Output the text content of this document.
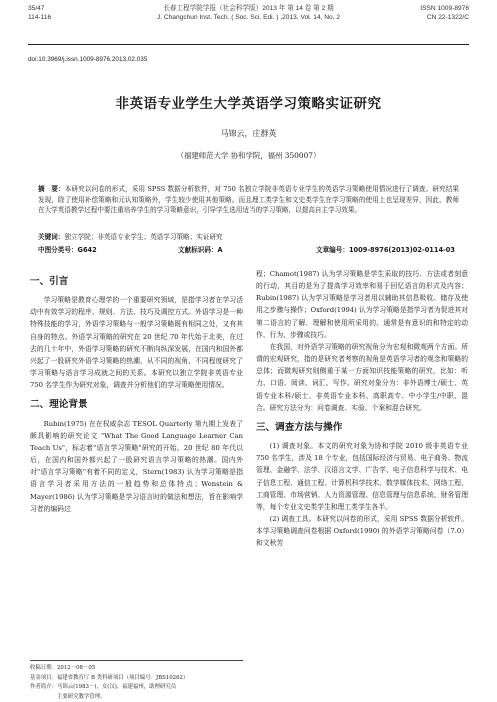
35/47
114-116
长春工程学院学报（社会科学版）2013 年 第 14 卷 第 2 期
J. Changchun Inst. Tech. ( Soc. Sci. Edi. ) ,2013, Vol. 14, No. 2
ISSN 1009-8976
CN 22-1322/C
doi:10.3969/j.issn.1009-8976.2013.02.035
非英语专业学生大学英语学习策略实证研究
马锦云，庄群英
（福建师范大学 协和学院，福州 350007）
摘　要：本研究以问卷的形式，采用 SPSS 数据分析软件，对 750 名独立学院非英语专业学生的英语学习策略使用情况进行了调查。研究结果发现，除了使用补偿策略和元认知策略外，学生较少使用其他策略。而且理工类学生和文史类学生在学习策略的使用上也呈现差异，因此，教师在大学英语教学过程中要注重培养学生的学习策略意识，引导学生选用适当的学习策略，以提高自主学习效果。
关键词：独立学院；非英语专业学生；英语学习策略；实证研究
中图分类号：G642	文献标识码：A	文章编号：1009-8976(2013)02-0114-03
一、引言

学习策略是教育心理学的一个重要研究领域，是指学习者在学习活动中有效学习的程序、规则、方法、技巧及调控方式。外语学习是一种特殊技能的学习，外语学习策略与一般学习策略既有相同之处，又有其自身的特点。外语学习策略的研究在 20 世纪 70 年代始于北美，在过去的几十年中，外语学习策略的研究不断向纵深发展，在国内和国外都兴起了一股研究外语学习策略的热潮，从不同的视角、不同程度研究了学习策略与语言学习成就之间的关系。本研究以独立学院非英语专业 750 名学生作为研究对象，调查并分析他们的学习策略使用情况。

二、理论背景

Rubin(1975) 在在权威杂志 TESOL Quarterly 第九期上发表了颇具影响的研究论文 "What The Good Language Learner Can Teach Us"，标志着"语言学习策略"研究的开始。20 世纪 80 年代以后，在国内和国外都兴起了一股研究语言学习策略的热潮。国内外对"语言学习策略"有着不同的定义，Stern(1983) 认为学习策略是指语言学习者采用方法的一般趋势和总体特点；Wenstein & Mayer(1986) 认为学习策略是学习语言时的做法和想法，旨在影响学习者的编码过

程；Chamot(1987) 认为学习策略是学生采取的技巧、方法或者刻意的行动，其目的是为了提高学习效率和易于回忆语言的形式及内容；Rubin(1987) 认为学习策略是学习者用以辅助其信息吸收、储存及使用之步骤与操作；Oxford(1994) 认为学习策略是指学习者为促进其对第二语言的了解、理解和使用所采用的、通常是有意识的和特定的动作、行为、步骤或技巧。

在我国，对外语学习策略的研究视角分为宏观和微观两个方面。所谓的宏观研究，指的是研究者考察的视角是英语学习者的观念和策略的总体；而微观研究则侧重于某一方面知识技能策略的研究，比如：听力、口语、阅读、词汇、写作。研究对象分为：非外语博士/硕士、英语专业本科/硕士、非英语专业本科、高职高专、中小学生/中职、混合。研究方法分为：问卷调查、实验、个案和混合研究。

三、调查方法与操作

(1) 调查对象。本文的研究对象为协和学院 2010 级非英语专业 750 名学生，涉及 18 个专业，包括国际经济与贸易、电子商务、物流管理、金融学、法学、汉语言文学、广告学、电子信息科学与技术、电子信息工程、通信工程、计算机科学技术、数学媒体技术、网络工程、工商管理、市场营销、人力资源管理、信息管理与信息系统、财务管理等，每个专业文史类学生和理工类学生各半。

(2) 调查工具。本研究以问卷的形式，采用 SPSS 数据分析软件。本学习策略调查问卷根据 Oxford(1990) 的外语学习策略问卷（7.0）和文秋芳

收稿日期：2012－08－05
基金项目：福建省教育厅 B 类科研项目（项目编号：JBS10262）
作者简介：马锦云(1983－)，女(汉)，福建福州，助理研究员
　　　　　主要研究教学管理。
